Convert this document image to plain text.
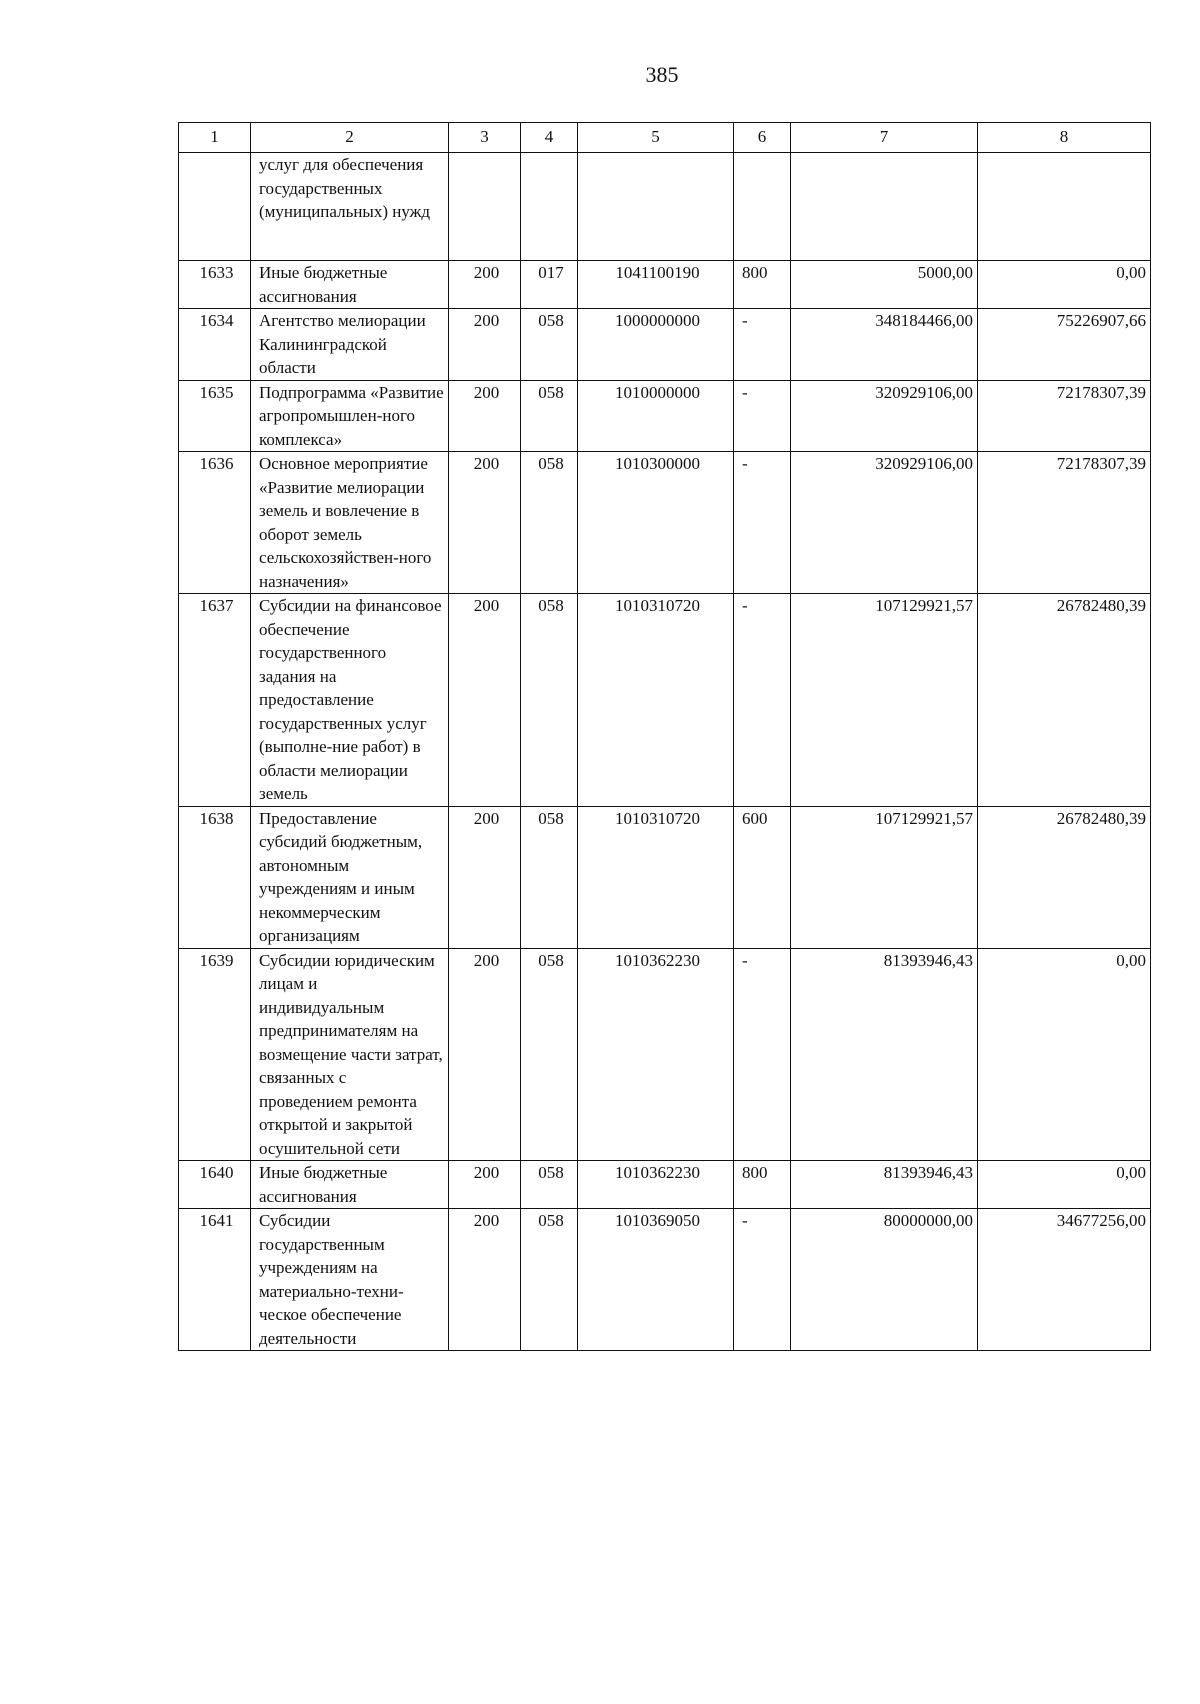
385
1	2	3	4	5	6	7	8
	услуг для обеспечения государственных (муниципальных) нужд						
1633	Иные бюджетные ассигнования	200	017	1041100190	800	5000,00	0,00
1634	Агентство мелиорации Калининградской области	200	058	1000000000	-	348184466,00	75226907,66
1635	Подпрограмма «Развитие агропромышлен-ного комплекса»	200	058	1010000000	-	320929106,00	72178307,39
1636	Основное мероприятие «Развитие мелиорации земель и вовлечение в оборот земель сельскохозяйствен-ного назначения»	200	058	1010300000	-	320929106,00	72178307,39
1637	Субсидии на финансовое обеспечение государственного задания на предоставление государственных услуг (выполне-ние работ) в области мелиорации земель	200	058	1010310720	-	107129921,57	26782480,39
1638	Предоставление субсидий бюджетным, автономным учреждениям и иным некоммерческим организациям	200	058	1010310720	600	107129921,57	26782480,39
1639	Субсидии юридическим лицам и индивидуальным предпринимателям на возмещение части затрат, связанных с проведением ремонта открытой и закрытой осушительной сети	200	058	1010362230	-	81393946,43	0,00
1640	Иные бюджетные ассигнования	200	058	1010362230	800	81393946,43	0,00
1641	Субсидии государственным учреждениям на материально-техни-ческое обеспечение деятельности	200	058	1010369050	-	80000000,00	34677256,00
